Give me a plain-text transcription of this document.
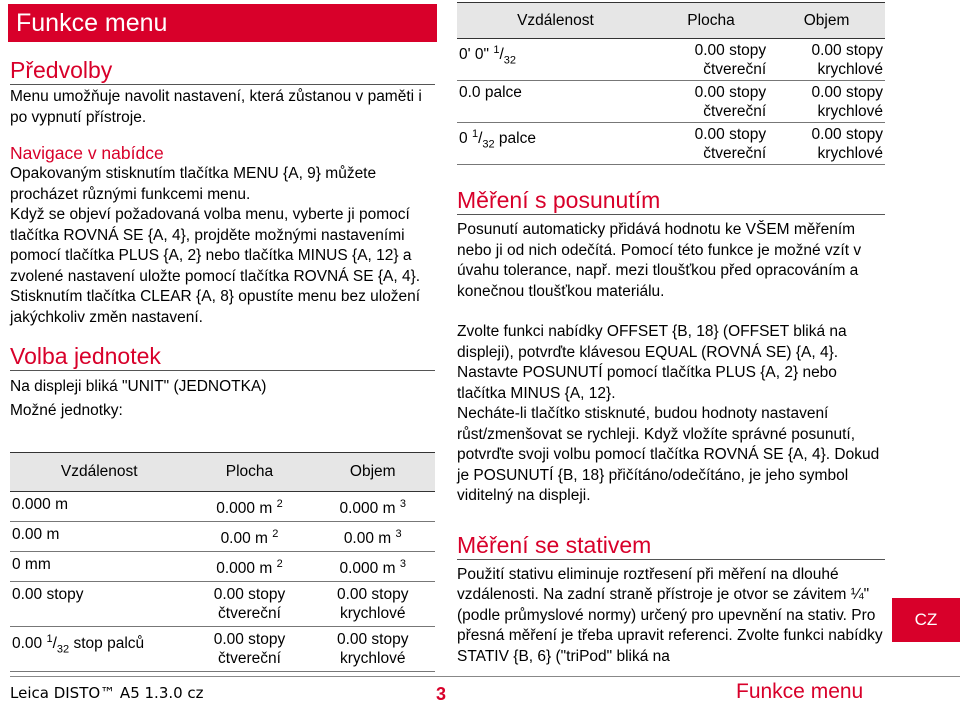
Funkce menu
Předvolby

Menu umožňuje navolit nastavení, která zůstanou v paměti i po vypnutí přístroje.

Navigace v nabídce

Opakovaným stisknutím tlačítka MENU {A, 9} můžete procházet různými funkcemi menu.

Když se objeví požadovaná volba menu, vyberte ji pomocí tlačítka ROVNÁ SE {A, 4}, projděte možnými nastaveními pomocí tlačítka PLUS {A, 2} nebo tlačítka MINUS {A, 12} a zvolené nastavení uložte pomocí tlačítka ROVNÁ SE {A, 4}. Stisknutím tlačítka CLEAR {A, 8} opustíte menu bez uložení jakýchkoliv změn nastavení.

Volba jednotek

Na displeji bliká "UNIT" (JEDNOTKA)

Možné jednotky:

Vzdálenost	Plocha	Objem
0.000 m	0.000 m $^2$	0.000 m $^3$
0.00 m	0.00 m $^2$	0.00 m $^3$
0 mm	0.000 m $^2$	0.000 m $^3$
0.00 stopy	0.00 stopy čtvereční	0.00 stopy krychlové
0.00 $^1/_{32}$ stop palců	0.00 stopy čtvereční	0.00 stopy krychlové
Vzdálenost	Plocha	Objem
0' 0" $^1/_{32}$	0.00 stopy čtvereční	0.00 stopy krychlové
0.0 palce	0.00 stopy čtvereční	0.00 stopy krychlové
0 $^1/_{32}$ palce	0.00 stopy čtvereční	0.00 stopy krychlové
Měření s posunutím

Posunutí automaticky přidává hodnotu ke VŠEM měřením nebo ji od nich odečítá. Pomocí této funkce je možné vzít v úvahu tolerance, např. mezi tloušťkou před opracováním a konečnou tloušťkou materiálu.

Zvolte funkci nabídky OFFSET {B, 18} (OFFSET bliká na displeji), potvrďte klávesou EQUAL (ROVNÁ SE) {A, 4}. Nastavte POSUNUTÍ pomocí tlačítka PLUS {A, 2} nebo tlačítka MINUS {A, 12}.

Necháte-li tlačítko stisknuté, budou hodnoty nastavení růst/zmenšovat se rychleji. Když vložíte správné posunutí, potvrďte svoji volbu pomocí tlačítka ROVNÁ SE {A, 4}. Dokud je POSUNUTÍ {B, 18} přičítáno/odečítáno, je jeho symbol viditelný na displeji.

Měření se stativem

Použití stativu eliminuje roztřesení při měření na dlouhé vzdálenosti. Na zadní straně přístroje je otvor se závitem ¼" (podle průmyslové normy) určený pro upevnění na stativ. Pro přesná měření je třeba upravit referenci. Zvolte funkci nabídky STATIV {B, 6} ("triPod" bliká na

CZ
Leica DISTO™ A5 1.3.0 cz	3	Funkce menu
